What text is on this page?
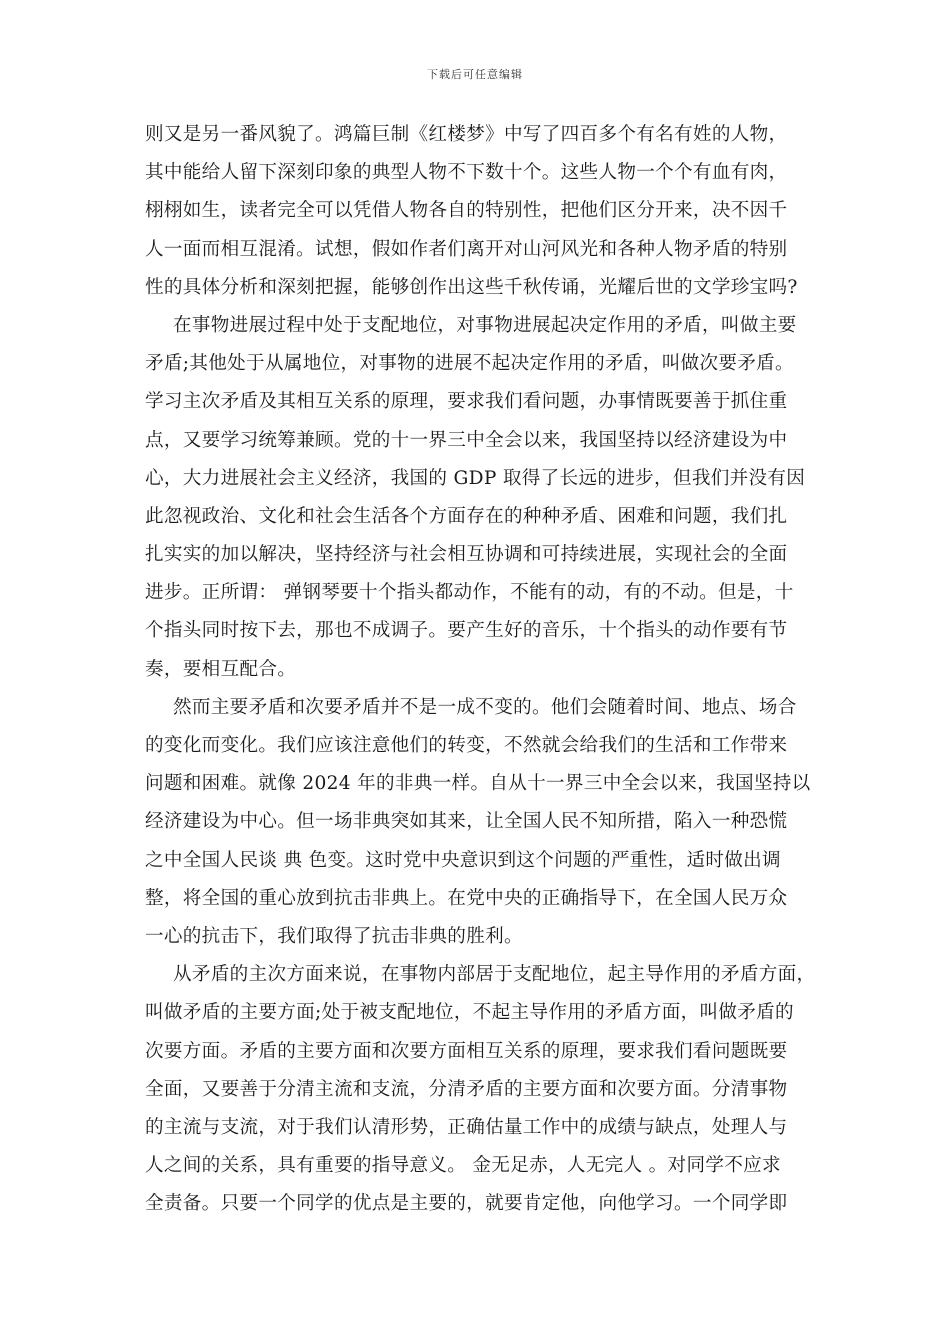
下载后可任意编辑
则又是另一番风貌了。鸿篇巨制《红楼梦》中写了四百多个有名有姓的人物，
其中能给人留下深刻印象的典型人物不下数十个。这些人物一个个有血有肉，
栩栩如生，读者完全可以凭借人物各自的特别性，把他们区分开来，决不因千
人一面而相互混淆。试想，假如作者们离开对山河风光和各种人物矛盾的特别
性的具体分析和深刻把握，能够创作出这些千秋传诵，光耀后世的文学珍宝吗?
在事物进展过程中处于支配地位，对事物进展起决定作用的矛盾，叫做主要
矛盾;其他处于从属地位，对事物的进展不起决定作用的矛盾，叫做次要矛盾。
学习主次矛盾及其相互关系的原理，要求我们看问题，办事情既要善于抓住重
点，又要学习统筹兼顾。党的十一界三中全会以来，我国坚持以经济建设为中
心，大力进展社会主义经济，我国的 GDP 取得了长远的进步，但我们并没有因
此忽视政治、文化和社会生活各个方面存在的种种矛盾、困难和问题，我们扎
扎实实的加以解决，坚持经济与社会相互协调和可持续进展，实现社会的全面
进步。正所谓： 弹钢琴要十个指头都动作，不能有的动，有的不动。但是，十
个指头同时按下去，那也不成调子。要产生好的音乐，十个指头的动作要有节
奏，要相互配合。
然而主要矛盾和次要矛盾并不是一成不变的。他们会随着时间、地点、场合
的变化而变化。我们应该注意他们的转变，不然就会给我们的生活和工作带来
问题和困难。就像 2024 年的非典一样。自从十一界三中全会以来，我国坚持以
经济建设为中心。但一场非典突如其来，让全国人民不知所措，陷入一种恐慌
之中全国人民谈 典 色变。这时党中央意识到这个问题的严重性，适时做出调
整，将全国的重心放到抗击非典上。在党中央的正确指导下，在全国人民万众
一心的抗击下，我们取得了抗击非典的胜利。
从矛盾的主次方面来说，在事物内部居于支配地位，起主导作用的矛盾方面，
叫做矛盾的主要方面;处于被支配地位，不起主导作用的矛盾方面，叫做矛盾的
次要方面。矛盾的主要方面和次要方面相互关系的原理，要求我们看问题既要
全面，又要善于分清主流和支流，分清矛盾的主要方面和次要方面。分清事物
的主流与支流，对于我们认清形势，正确估量工作中的成绩与缺点，处理人与
人之间的关系，具有重要的指导意义。 金无足赤，人无完人 。对同学不应求
全责备。只要一个同学的优点是主要的，就要肯定他，向他学习。一个同学即
